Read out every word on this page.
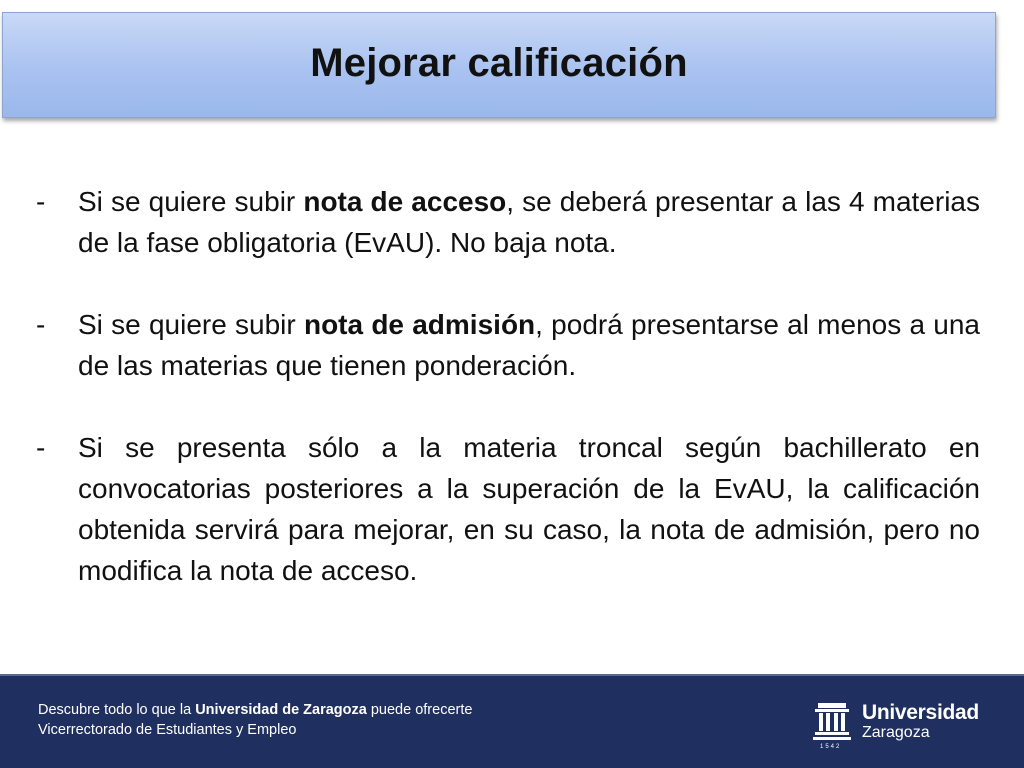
Mejorar calificación
-	Si se quiere subir nota de acceso, se deberá presentar a las 4 materias de la fase obligatoria (EvAU). No baja nota.
-	Si se quiere subir nota de admisión, podrá presentarse al menos a una de las materias que tienen ponderación.
-	Si se presenta sólo a la materia troncal según bachillerato en convocatorias posteriores a la superación de la EvAU, la calificación obtenida servirá para mejorar, en su caso, la nota de admisión, pero no modifica la nota de acceso.
Descubre todo lo que la Universidad de Zaragoza puede ofrecerte
Vicerrectorado de Estudiantes y Empleo
1542
Universidad
Zaragoza
